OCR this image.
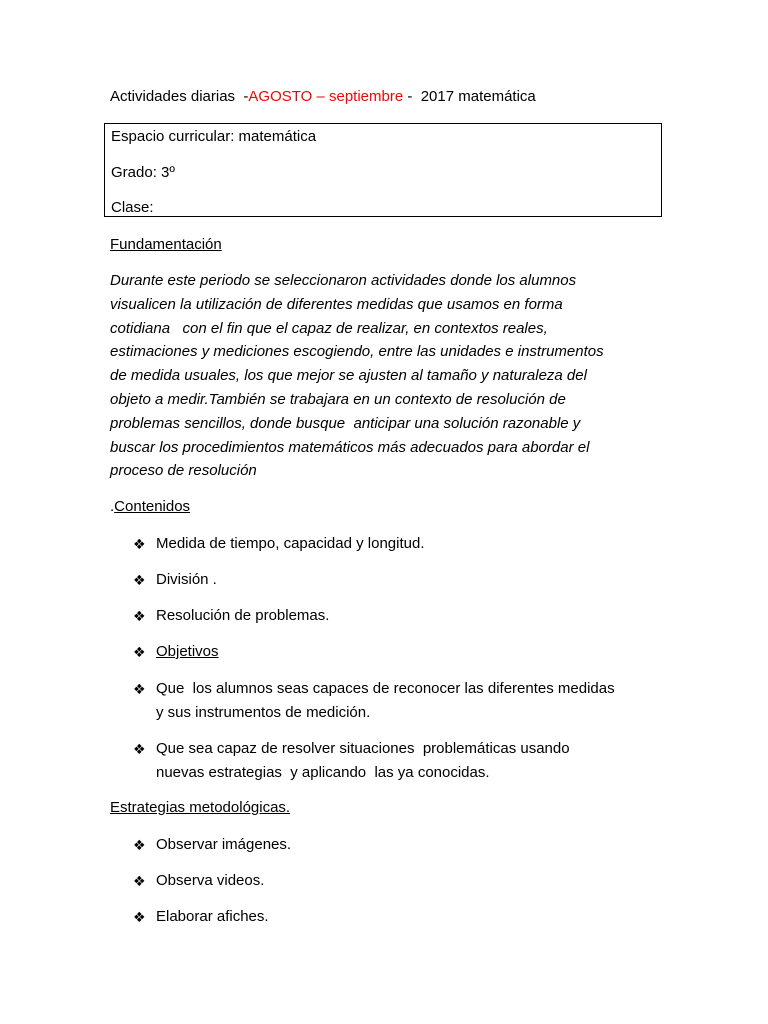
Actividades diarias  -AGOSTO – septiembre -  2017 matemática
Espacio curricular: matemática
Grado: 3º
Clase:
Fundamentación
Durante este periodo se seleccionaron actividades donde los alumnos
visualicen la utilización de diferentes medidas que usamos en forma
cotidiana   con el fin que el capaz de realizar, en contextos reales,
estimaciones y mediciones escogiendo, entre las unidades e instrumentos
de medida usuales, los que mejor se ajusten al tamaño y naturaleza del
objeto a medir.También se trabajara en un contexto de resolución de
problemas sencillos, donde busque  anticipar una solución razonable y
buscar los procedimientos matemáticos más adecuados para abordar el
proceso de resolución
.Contenidos
❖ Medida de tiempo, capacidad y longitud.
❖ División .
❖ Resolución de problemas.
❖ Objetivos
❖ Que  los alumnos seas capaces de reconocer las diferentes medidas
y sus instrumentos de medición.
❖ Que sea capaz de resolver situaciones  problemáticas usando
nuevas estrategias  y aplicando  las ya conocidas.
Estrategias metodológicas.
❖ Observar imágenes.
❖ Observa videos.
❖ Elaborar afiches.
